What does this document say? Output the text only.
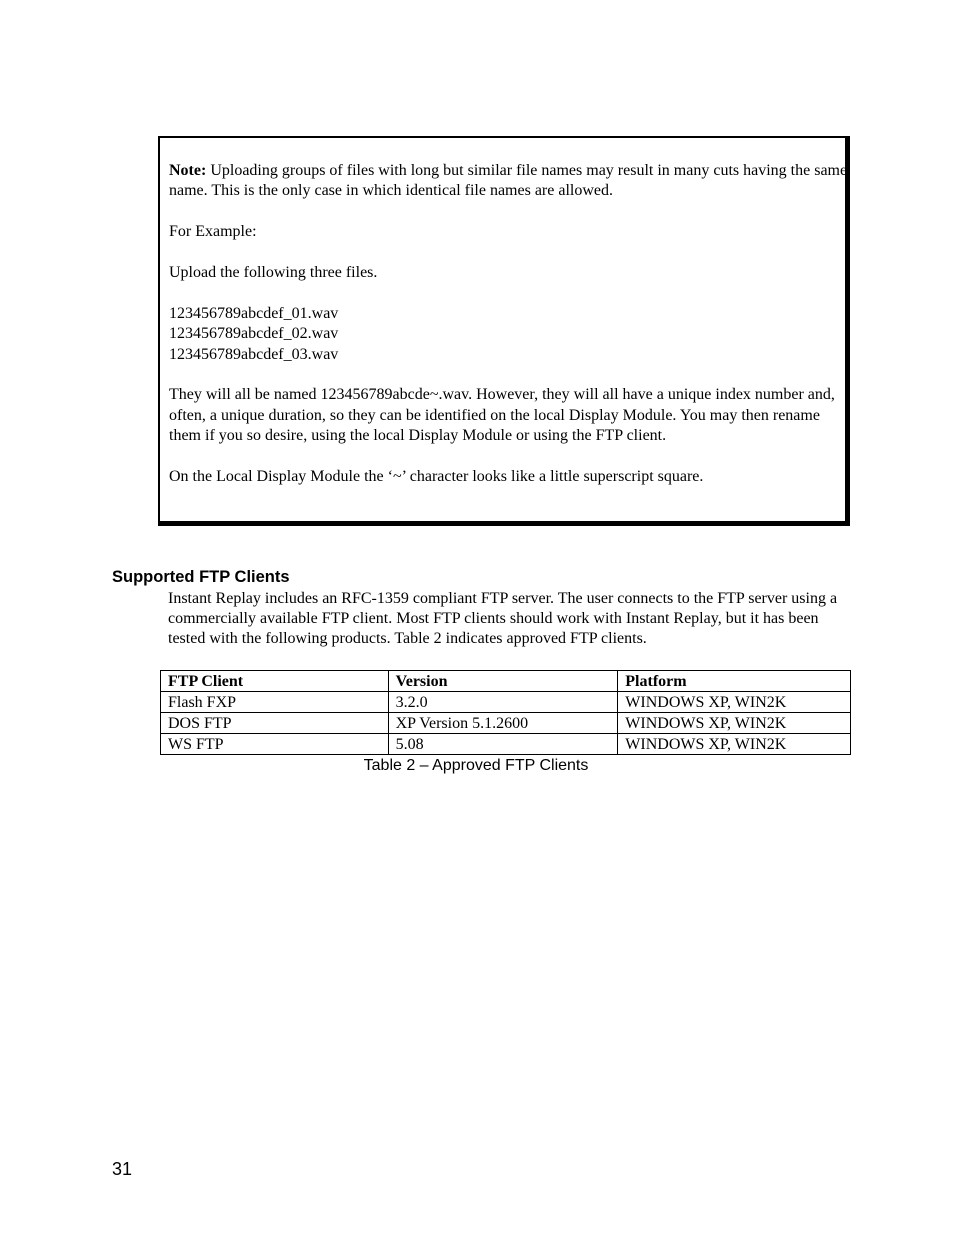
Note: Uploading groups of files with long but similar file names may result in many cuts having the same name. This is the only case in which identical file names are allowed.

For Example:

Upload the following three files.

123456789abcdef_01.wav

123456789abcdef_02.wav

123456789abcdef_03.wav

They will all be named 123456789abcde~.wav. However, they will all have a unique index number and, often, a unique duration, so they can be identified on the local Display Module. You may then rename them if you so desire, using the local Display Module or using the FTP client.

On the Local Display Module the ‘~’ character looks like a little superscript square.

Supported FTP Clients

Instant Replay includes an RFC-1359 compliant FTP server. The user connects to the FTP server using a commercially available FTP client. Most FTP clients should work with Instant Replay, but it has been tested with the following products. Table 2 indicates approved FTP clients.

FTP Client	Version	Platform
Flash FXP	3.2.0	WINDOWS XP, WIN2K
DOS FTP	XP Version 5.1.2600	WINDOWS XP, WIN2K
WS FTP	5.08	WINDOWS XP, WIN2K

Table 2 – Approved FTP Clients

31
